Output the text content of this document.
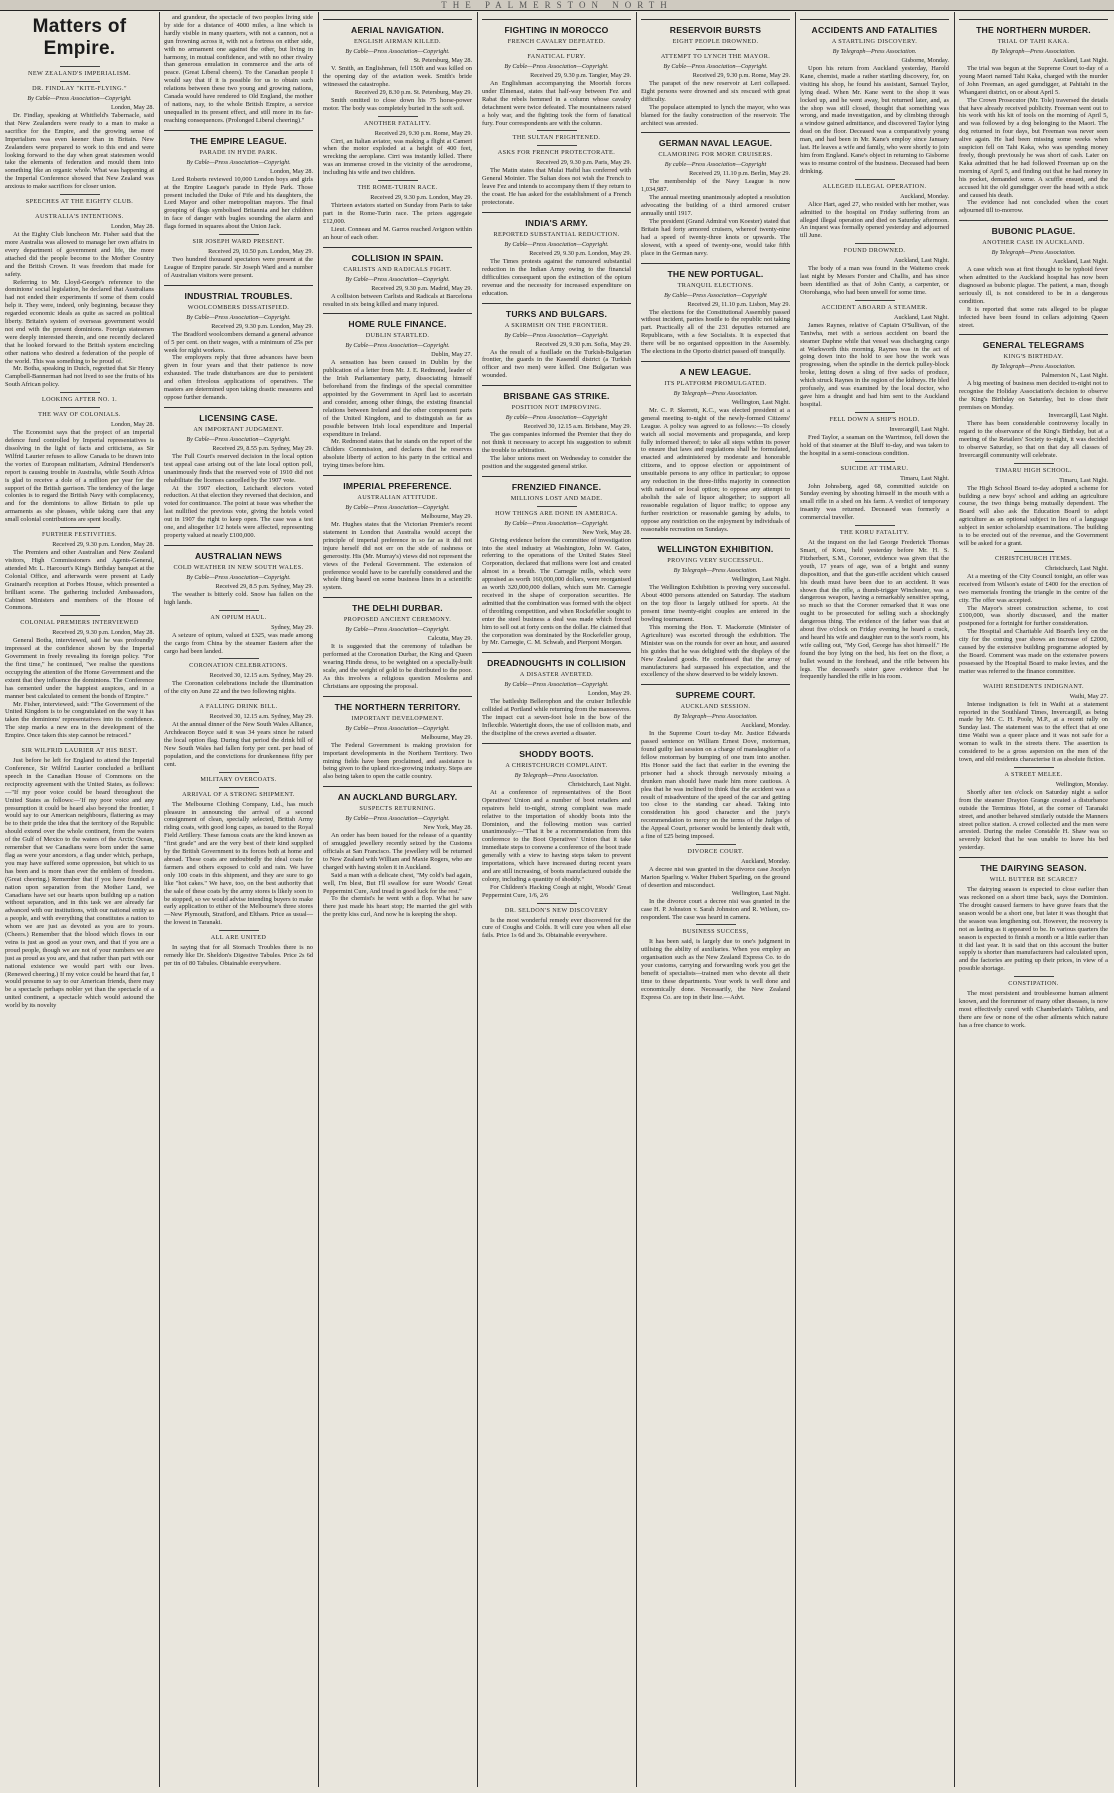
THE PALMERSTON NORTH
Matters of Empire.
NEW ZEALAND'S IMPERIALISM.
DR. FINDLAY "KITE-FLYING."
By Cable—Press Association—Copyright.
London, May 28.

Dr. Findlay, speaking at Whitfield's Tabernacle, said that New Zealanders were ready to a man to make a sacrifice for the Empire, and the growing sense of Imperialism was even keener than in Britain. New Zealanders were prepared to work to this end and were looking forward to the day when great statesmen would take the elements of federation and mould them into something like an organic whole. What was happening at the Imperial Conference showed that New Zealand was anxious to make sacrifices for closer union.

SPEECHES AT THE EIGHTY CLUB.
AUSTRALIA'S INTENTIONS.
London, May 28.

At the Eighty Club luncheon Mr. Fisher said that the more Australia was allowed to manage her own affairs in every department of government and life, the more attached did the people become to the Mother Country and the British Crown. It was freedom that made for safety.

Referring to Mr. Lloyd-George's reference to the dominions' social legislation, he declared that Australians had not ended their experiments if some of them could help it. They were, indeed, only beginning, because they regarded economic ideals as quite as sacred as political liberty. Britain's system of overseas government would not end with the present dominions. Foreign statesmen were deeply interested therein, and one recently declared that he looked forward to the British system encircling other nations who desired a federation of the people of the world. This was something to be proud of.

Mr. Botha, speaking in Dutch, regretted that Sir Henry Campbell-Bannerman had not lived to see the fruits of his South African policy.

LOOKING AFTER NO. 1.
THE WAY OF COLONIALS.
London, May 28.

The Economist says that the project of an imperial defence fund controlled by Imperial representatives is dissolving in the light of facts and criticisms, as Sir Wilfrid Laurier refuses to allow Canada to be drawn into the vortex of European militarism, Admiral Henderson's report is causing trouble in Australia, while South Africa is glad to receive a dole of a million per year for the support of the British garrison. The tendency of the large colonies is to regard the British Navy with complacency, and for the dominions to allow Britain to pile up armaments as she pleases, while taking care that any small colonial contributions are spent locally.

FURTHER FESTIVITIES.
Received 29, 9.30 p.m. London, May 28.

The Premiers and other Australian and New Zealand visitors, High Commissioners and Agents-General, attended Mr. L. Harcourt's King's Birthday banquet at the Colonial Office, and afterwards were present at Lady Grainard's reception at Forbes House, which presented a brilliant scene. The gathering included Ambassadors, Cabinet Ministers and members of the House of Commons.

COLONIAL PREMIERS INTERVIEWED
Received 29, 9.30 p.m. London, May 28.

General Botha, interviewed, said he was profoundly impressed at the confidence shown by the Imperial Government in freely revealing its foreign policy. "For the first time," he continued, "we realise the questions occupying the attention of the Home Government and the extent that they influence the dominions. The Conference has cemented under the happiest auspices, and in a manner best calculated to cement the bonds of Empire."

Mr. Fisher, interviewed, said: "The Government of the United Kingdom is to be congratulated on the way it has taken the dominions' representatives into its confidence. The step marks a new era in the development of the Empire. Once taken this step cannot be retraced."

SIR WILFRID LAURIER AT HIS BEST.

Just before he left for England to attend the Imperial Conference, Sir Wilfrid Laurier concluded a brilliant speech in the Canadian House of Commons on the reciprocity agreement with the United States, as follows:—"If my poor voice could be heard throughout the United States as follows:—'If my poor voice and any presumption it could be heard also beyond the frontier, I would say to our American neighbours, flattering as may be to their pride the idea that the territory of the Republic should extend over the whole continent, from the waters of the Gulf of Mexico to the waters of the Arctic Ocean, remember that we Canadians were born under the same flag as were your ancestors, a flag under which, perhaps, you may have suffered some oppression, but which to us has been and is more than ever the emblem of freedom. (Great cheering.) Remember that if you have founded a nation upon separation from the Mother Land, we Canadians have set our hearts upon building up a nation without separation, and in this task we are already far advanced with our institutions, with our national entity as a people, and with everything that constitutes a nation to whom we are just as devoted as you are to yours. (Cheers.) Remember that the blood which flows in our veins is just as good as your own, and that if you are a proud people, though we are not of your numbers we are just as proud as you are, and that rather than part with our national existence we would part with our lives. (Renewed cheering.) If my voice could be heard that far, I would presume to say to our American friends, there may be a spectacle perhaps nobler yet than the spectacle of a united continent, a spectacle which would astound the world by its novelty

and grandeur, the spectacle of two peoples living side by side for a distance of 4000 miles, a line which is hardly visible in many quarters, with not a cannon, not a gun frowning across it, with not a fortress on either side, with no armament one against the other, but living in harmony, in mutual confidence, and with no other rivalry than generous emulation in commerce and the arts of peace. (Great Liberal cheers). To the Canadian people I would say that if it is possible for us to obtain such relations between these two young and growing nations, Canada would have rendered to Old England, the mother of nations, nay, to the whole British Empire, a service unequalled in its present effect, and still more in its far-reaching consequences. (Prolonged Liberal cheering)."

THE EMPIRE LEAGUE.
PARADE IN HYDE PARK.
By Cable—Press Association—Copyright.
London, May 28.

Lord Roberts reviewed 10,000 London boys and girls at the Empire League's parade in Hyde Park. Those present included the Duke of Fife and his daughters, the Lord Mayor and other metropolitan mayors. The final grouping of flags symbolised Britannia and her children in face of danger with bugles sounding the alarm and flags formed in squares about the Union Jack.

SIR JOSEPH WARD PRESENT.
Received 29, 10.50 p.m. London, May 29.

Two hundred thousand spectators were present at the League of Empire parade. Sir Joseph Ward and a number of Australian visitors were present.

INDUSTRIAL TROUBLES.
WOOLCOMBERS DISSATISFIED.
By Cable—Press Association—Copyright.
Received 29, 9.30 p.m. London, May 29.

The Bradford woolcombers demand a general advance of 5 per cent. on their wages, with a minimum of 25s per week for night workers.

The employers reply that three advances have been given in four years and that their patience is now exhausted. The trade disturbances are due to persistent and often frivolous applications of operatives. The masters are determined upon taking drastic measures and oppose further demands.

LICENSING CASE.
AN IMPORTANT JUDGMENT.
By Cable—Press Association—Copyright.
Received 29, 8.55 p.m. Sydney, May 29.

The Full Court's reserved decision in the local option test appeal case arising out of the late local option poll, unanimously finds that the reserved vote of 1910 did not rehabilitate the licenses cancelled by the 1907 vote.

At the 1907 election, Leichardt electors voted reduction. At that election they reversed that decision, and voted for continuance. The point at issue was whether the last nullified the previous vote, giving the hotels voted out in 1907 the right to keep open. The case was a test one, and altogether 1/2 hotels were affected, representing property valued at nearly £100,000.

AUSTRALIAN NEWS
COLD WEATHER IN NEW SOUTH WALES.
By Cable—Press Association—Copyright.
Received 29, 8.5 p.m. Sydney, May 29.

The weather is bitterly cold. Snow has fallen on the high lands.

AN OPIUM HAUL.
Sydney, May 29.

A seizure of opium, valued at £325, was made among the cargo from China by the steamer Eastern after the cargo had been landed.

CORONATION CELEBRATIONS.
Received 30, 12.15 a.m. Sydney, May 29.

The Coronation celebrations include the illumination of the city on June 22 and the two following nights.

A FALLING DRINK BILL.
Received 30, 12.15 a.m. Sydney, May 29.

At the annual dinner of the New South Wales Alliance, Archdeacon Boyce said it was 34 years since he raised the local option flag. During that period the drink bill of New South Wales had fallen forty per cent. per head of population, and the convictions for drunkenness fifty per cent.

MILITARY OVERCOATS.
ARRIVAL OF A STRONG SHIPMENT.

The Melbourne Clothing Company, Ltd., has much pleasure in announcing the arrival of a second consignment of clean, specially selected, British Army riding coats, with good long capes, as issued to the Royal Field Artillery. These famous coats are the kind known as "first grade" and are the very best of their kind supplied by the British Government to its forces both at home and abroad. These coats are undoubtedly the ideal coats for farmers and others exposed to cold and rain. We have only 100 coats in this shipment, and they are sure to go like "hot cakes." We have, too, on the best authority that the sale of these coats by the army stores is likely soon to be stopped, so we would advise intending buyers to make early application to either of the Melbourne's three stores—New Plymouth, Stratford, and Eltham. Price as usual—the lowest in Taranaki.

ALL ARE UNITED

In saying that for all Stomach Troubles there is no remedy like Dr. Sheldon's Digestive Tabules. Price 2s 6d per tin of 80 Tabules. Obtainable everywhere.

AERIAL NAVIGATION.
ENGLISH AIRMAN KILLED.
By Cable—Press Association—Copyright.
St. Petersburg, May 28.

V. Smith, an Englishman, fell 150ft and was killed on the opening day of the aviation week. Smith's bride witnessed the catastrophe.

Received 29, 8.30 p.m. St. Petersburg, May 29.

Smith omitted to close down his 75 horse-power motor. The body was completely buried in the soft soil.

ANOTHER FATALITY.
Received 29, 9.30 p.m. Rome, May 29.

Cirri, an Italian aviator, was making a flight at Cameri when the motor exploded at a height of 400 feet, wrecking the aeroplane. Cirri was instantly killed. There was an immense crowd in the vicinity of the aerodrome, including his wife and two children.

THE ROME-TURIN RACE.
Received 29, 9.30 p.m. London, May 29.

Thirteen aviators started on Sunday from Paris to take part in the Rome-Turin race. The prizes aggregate £12,000.

Lieut. Conneau and M. Garros reached Avignon within an hour of each other.

COLLISION IN SPAIN.
CARLISTS AND RADICALS FIGHT.
By Cable—Press Association—Copyright.
Received 29, 9.30 p.m. Madrid, May 29.

A collision between Carlists and Radicals at Barcelona resulted in six being killed and many injured.

HOME RULE FINANCE.
DUBLIN STARTLED.
By Cable—Press Association—Copyright.
Dublin, May 27.

A sensation has been caused in Dublin by the publication of a letter from Mr. J. E. Redmond, leader of the Irish Parliamentary party, dissociating himself beforehand from the findings of the special committee appointed by the Government in April last to ascertain and consider, among other things, the existing financial relations between Ireland and the other component parts of the United Kingdom, and to distinguish as far as possible between Irish local expenditure and Imperial expenditure in Ireland.

Mr. Redmond states that he stands on the report of the Childers Commission, and declares that he reserves absolute liberty of action to his party in the critical and trying times before him.

IMPERIAL PREFERENCE.
AUSTRALIAN ATTITUDE.
By Cable—Press Association—Copyright.
Melbourne, May 29.

Mr. Hughes states that the Victorian Premier's recent statement in London that Australia would accept the principle of imperial preference in so far as it did not injure herself did not err on the side of rashness or generosity. His (Mr. Murray's) views did not represent the views of the Federal Government. The extension of preference would have to be carefully considered and the whole thing based on some business lines in a scientific system.

THE DELHI DURBAR.
PROPOSED ANCIENT CEREMONY.
By Cable—Press Association—Copyright.
Calcutta, May 29.

It is suggested that the ceremony of tuladhan be performed at the Coronation Durbar, the King and Queen wearing Hindu dress, to be weighted on a specially-built scale, and the weight of gold to be distributed to the poor. As this involves a religious question Moslems and Christians are opposing the proposal.

THE NORTHERN TERRITORY.
IMPORTANT DEVELOPMENT.
By Cable—Press Association—Copyright.
Melbourne, May 29.

The Federal Government is making provision for important developments in the Northern Territory. Two mining fields have been proclaimed, and assistance is being given to the upland rice-growing industry. Steps are also being taken to open the cattle country.

AN AUCKLAND BURGLARY.
SUSPECTS RETURNING.
By Cable—Press Association—Copyright.
New York, May 28.

An order has been issued for the release of a quantity of smuggled jewellery recently seized by the Customs officials at San Francisco. The jewellery will be returned to New Zealand with William and Maxie Rogers, who are charged with having stolen it in Auckland.

Said a man with a delicate chest, "My cold's bad again, well, I'm blest, But I'll swallow for sure Woods' Great Peppermint Cure, And tread in good luck for the rest."

To the chemist's he went with a flop. What he saw there just made his heart stop; He married the girl with the pretty kiss curl, And now he is keeping the shop.

FIGHTING IN MOROCCO
FRENCH CAVALRY DEFEATED.
FANATICAL FURY.
By Cable—Press Association—Copyright.
Received 29, 9.30 p.m. Tangier, May 29.

An Englishman accompanying the Moorish forces under Elmenasi, states that half-way between Fez and Rabat the rebels hemmed in a column whose cavalry detachment were twice defeated. The mountaineers raised a holy war, and the fighting took the form of fanatical fury. Four correspondents are with the column.

THE SULTAN FRIGHTENED.
ASKS FOR FRENCH PROTECTORATE.
Received 29, 9.30 p.m. Paris, May 29.

The Matin states that Mulai Hafid has conferred with General Moinier. The Sultan does not wish the French to leave Fez and intends to accompany them if they return to the coast. He has asked for the establishment of a French protectorate.

INDIA'S ARMY.
REPORTED SUBSTANTIAL REDUCTION.
By Cable—Press Association—Copyright.
Received 29, 9.30 p.m. London, May 29.

The Times protests against the rumoured substantial reduction in the Indian Army owing to the financial difficulties consequent upon the extinction of the opium revenue and the necessity for increased expenditure on education.

TURKS AND BULGARS.
A SKIRMISH ON THE FRONTIER.
By Cable—Press Association—Copyright.
Received 29, 9.30 p.m. Sofia, May 29.

As the result of a fusillade on the Turkish-Bulgarian frontier, the guards in the Kasendil district (a Turkish officer and two men) were killed. One Bulgarian was wounded.

BRISBANE GAS STRIKE.
POSITION NOT IMPROVING.
By cable—Press Association—Copyright
Received 30, 12.15 a.m. Brisbane, May 29.

The gas companies informed the Premier that they do not think it necessary to accept his suggestion to submit the trouble to arbitration.

The labor unions meet on Wednesday to consider the position and the suggested general strike.

FRENZIED FINANCE.
MILLIONS LOST AND MADE.
HOW THINGS ARE DONE IN AMERICA.
By Cable—Press Association—Copyright.
New York, May 28.

Giving evidence before the committee of investigation into the steel industry at Washington, John W. Gates, referring to the operations of the United States Steel Corporation, declared that millions were lost and created almost in a breath. The Carnegie mills, which were appraised as worth 160,000,000 dollars, were reorganised as worth 320,000,000 dollars, which sum Mr. Carnegie received in the shape of corporation securities. He admitted that the combination was formed with the object of throttling competition, and when Rockefeller sought to enter the steel business a deal was made which forced him to sell out at forty cents on the dollar. He claimed that the corporation was dominated by the Rockefeller group, by Mr. Carnegie, C. M. Schwab, and Pierpont Morgan.

DREADNOUGHTS IN COLLISION
A DISASTER AVERTED.
By Cable—Press Association—Copyright.
London, May 29.

The battleship Bellerophon and the cruiser Inflexible collided at Portland while returning from the manoeuvres. The impact cut a seven-foot hole in the bow of the Inflexible. Watertight doors, the use of collision mats, and the discipline of the crews averted a disaster.

SHODDY BOOTS.
A CHRISTCHURCH COMPLAINT.
By Telegraph—Press Association.
Christchurch, Last Night.

At a conference of representatives of the Boot Operatives' Union and a number of boot retailers and repairers held to-night, strong complaint was made relative to the importation of shoddy boots into the Dominion, and the following motion was carried unanimously:—"That it be a recommendation from this conference to the Boot Operatives' Union that it take immediate steps to convene a conference of the boot trade generally with a view to having steps taken to prevent importations, which have increased during recent years and are still increasing, of boots manufactured outside the colony, including a quantity of shoddy."

For Children's Hacking Cough at night, Woods' Great Peppermint Cure, 1/6, 2/6

DR. SELDON'S NEW DISCOVERY

Is the most wonderful remedy ever discovered for the cure of Coughs and Colds. It will cure you when all else fails. Price 1s 6d and 3s. Obtainable everywhere.

RESERVOIR BURSTS
EIGHT PEOPLE DROWNED.
ATTEMPT TO LYNCH THE MAYOR.
By Cable—Press Association—Copyright.
Received 29, 9.30 p.m. Rome, May 29.

The parapet of the new reservoir at Leri collapsed. Eight persons were drowned and six rescued with great difficulty.

The populace attempted to lynch the mayor, who was blamed for the faulty construction of the reservoir. The architect was arrested.

GERMAN NAVAL LEAGUE.
CLAMORING FOR MORE CRUISERS.
By cable—Press Association—Copyright
Received 29, 11.10 p.m. Berlin, May 29.

The membership of the Navy League is now 1,034,987.

The annual meeting unanimously adopted a resolution advocating the building of a third armored cruiser annually until 1917.

The president (Grand Admiral von Koester) stated that Britain had forty armored cruisers, whereof twenty-nine had a speed of twenty-three knots or upwards. The slowest, with a speed of twenty-one, would take fifth place in the German navy.

THE NEW PORTUGAL.
TRANQUIL ELECTIONS.
By Cable—Press Association—Copyright
Received 29, 11.10 p.m. Lisbon, May 29.

The elections for the Constitutional Assembly passed without incident, parties hostile to the republic not taking part. Practically all of the 231 deputies returned are Republicans, with a few Socialists. It is expected that there will be no organised opposition in the Assembly. The elections in the Oporto district passed off tranquilly.

A NEW LEAGUE.
ITS PLATFORM PROMULGATED.
By Telegraph—Press Association.
Wellington, Last Night.

Mr. C. P. Skerrett, K.C., was elected president at a general meeting to-night of the newly-formed Citizens' League. A policy was agreed to as follows:—To closely watch all social movements and propaganda, and keep fully informed thereof; to take all steps within its power to ensure that laws and regulations shall be formulated, enacted and administered by moderate and honorable citizens, and to oppose election or appointment of unsuitable persons to any office in particular; to oppose any reduction in the three-fifths majority in connection with national or local option; to oppose any attempt to abolish the sale of liquor altogether; to support all reasonable regulation of liquor traffic; to oppose any further restriction or reasonable gaming by adults, to oppose any restriction on the enjoyment by individuals of reasonable recreation on Sundays.

WELLINGTON EXHIBITION.
PROVING VERY SUCCESSFUL.
By Telegraph—Press Association.
Wellington, Last Night.

The Wellington Exhibition is proving very successful. About 4000 persons attended on Saturday. The stadium on the top floor is largely utilised for sports. At the present time twenty-eight couples are entered in the bowling tournament.

This morning the Hon. T. Mackenzie (Minister of Agriculture) was escorted through the exhibition. The Minister was on the rounds for over an hour, and assured his guides that he was delighted with the displays of the New Zealand goods. He confessed that the array of manufacturers had surpassed his expectation, and the excellency of the show deserved to be widely known.

SUPREME COURT.
AUCKLAND SESSION.
By Telegraph—Press Association.
Auckland, Monday.

In the Supreme Court to-day Mr. Justice Edwards passed sentence on William Ernest Dove, motorman, found guilty last session on a charge of manslaughter of a fellow motorman by bumping of one tram into another. His Honor said the fact that earlier in the evening the prisoner had a shock through nervously missing a drunken man should have made him more cautious. A plea that he was inclined to think that the accident was a result of misadventure of the speed of the car and getting too close to the standing car ahead. Taking into consideration his good character and the jury's recommendation to mercy on the terms of the Judges of the Appeal Court, prisoner would be leniently dealt with, a fine of £25 being imposed.

DIVORCE COURT.
Auckland, Monday.

A decree nisi was granted in the divorce case Jocelyn Marion Sparling v. Walter Hubert Sparling, on the ground of desertion and misconduct.

Wellington, Last Night.

In the divorce court a decree nisi was granted in the case H. P. Johnston v. Sarah Johnston and R. Wilson, co-respondent. The case was heard in camera.

BUSINESS SUCCESS,

It has been said, is largely due to one's judgment in utilising the ability of auxiliaries. When you employ an organisation such as the New Zealand Express Co. to do your customs, carrying and forwarding work you get the benefit of specialists—trained men who devote all their time to these departments. Your work is well done and economically done. Necessarily, the New Zealand Express Co. are top in their line.—Advt.

ACCIDENTS AND FATALITIES
A STARTLING DISCOVERY.
By Telegraph—Press Association.
Gisborne, Monday.

Upon his return from Auckland yesterday, Harold Kane, chemist, made a rather startling discovery, for, on visiting his shop, he found his assistant, Samuel Taylor, lying dead. When Mr. Kane went to the shop it was locked up, and he went away, but returned later, and, as the shop was still closed, thought that something was wrong, and made investigation, and by climbing through a window gained admittance, and discovered Taylor lying dead on the floor. Deceased was a comparatively young man, and had been in Mr. Kane's employ since January last. He leaves a wife and family, who were shortly to join him from England. Kane's object in returning to Gisborne was to resume control of the business. Deceased had been drinking.

ALLEGED ILLEGAL OPERATION.
Auckland, Monday.

Alice Hart, aged 27, who resided with her mother, was admitted to the hospital on Friday suffering from an alleged illegal operation and died on Saturday afternoon. An inquest was formally opened yesterday and adjourned till June.

FOUND DROWNED.
Auckland, Last Night.

The body of a man was found in the Waitemo creek last night by Messrs Forster and Challis, and has since been identified as that of John Canty, a carpenter, or Otorohanga, who had been unwell for some time.

ACCIDENT ABOARD A STEAMER.
Auckland, Last Night.

James Raynes, relative of Captain O'Sullivan, of the Taniwha, met with a serious accident on board the steamer Daphne while that vessel was discharging cargo at Warkworth this morning. Raynes was in the act of going down into the hold to see how the work was progressing, when the spindle in the derrick pulley-block broke, letting down a sling of five sacks of produce, which struck Raynes in the region of the kidneys. He bled profusely, and was examined by the local doctor, who gave him a draught and had him sent to the Auckland hospital.

FELL DOWN A SHIP'S HOLD.
Invercargill, Last Night.

Fred Taylor, a seaman on the Warrimoo, fell down the hold of that steamer at the Bluff to-day, and was taken to the hospital in a semi-conscious condition.

SUICIDE AT TIMARU.
Timaru, Last Night.

John Johnsberg, aged 68, committed suicide on Sunday evening by shooting himself in the mouth with a small rifle in a shed on his farm. A verdict of temporary insanity was returned. Deceased was formerly a commercial traveller.

THE KORU FATALITY.

At the inquest on the lad George Frederick Thomas Smart, of Koru, held yesterday before Mr. H. S. Fitzherbert, S.M., Coroner, evidence was given that the youth, 17 years of age, was of a bright and sunny disposition, and that the gun-rifle accident which caused his death must have been due to an accident. It was shown that the rifle, a thumb-trigger Winchester, was a dangerous weapon, having a remarkably sensitive spring, so much so that the Coroner remarked that it was one ought to be prosecuted for selling such a shockingly dangerous thing. The evidence of the father was that at about five o'clock on Friday evening he heard a crack, and heard his wife and daughter run to the son's room, his wife calling out, "My God, George has shot himself." He found the boy lying on the bed, his feet on the floor, a bullet wound in the forehead, and the rifle between his legs. The deceased's sister gave evidence that he frequently handled the rifle in his room.

THE NORTHERN MURDER.
TRIAL OF TAHI KAKA.
By Telegraph—Press Association.
Auckland, Last Night.

The trial was begun at the Supreme Court to-day of a young Maori named Tahi Kaka, charged with the murder of John Freeman, an aged gumdigger, at Pahitahi in the Whangarei district, on or about April 5.

The Crown Prosecutor (Mr. Tole) traversed the details that have already received publicity. Freeman went out to his work with his kit of tools on the morning of April 5, and was followed by a dog belonging to the Maori. The dog returned in four days, but Freeman was never seen alive again. He had been missing some weeks when suspicion fell on Tahi Kaka, who was spending money freely, though previously he was short of cash. Later on Kaka admitted that he had followed Freeman up on the morning of April 5, and finding out that he had money in his pocket, demanded some. A scuffle ensued, and the accused hit the old gumdigger over the head with a stick and caused his death.

The evidence had not concluded when the court adjourned till to-morrow.

BUBONIC PLAGUE.
ANOTHER CASE IN AUCKLAND.
By Telegraph—Press Association.
Auckland, Last Night.

A case which was at first thought to be typhoid fever when admitted to the Auckland hospital has now been diagnosed as bubonic plague. The patient, a man, though seriously ill, is not considered to be in a dangerous condition.

It is reported that some rats alleged to be plague infected have been found in cellars adjoining Queen street.

GENERAL TELEGRAMS
KING'S BIRTHDAY.
By Telegraph—Press Association.
Palmerston N., Last Night.

A big meeting of business men decided to-night not to recognise the Holiday Association's decision to observe the King's Birthday on Saturday, but to close their premises on Monday.

Invercargill, Last Night.

There has been considerable controversy locally in regard to the observance of the King's Birthday, but at a meeting of the Retailers' Society to-night, it was decided to observe Saturday, so that on that day all classes of Invercargill community will celebrate.

TIMARU HIGH SCHOOL.
Timaru, Last Night.

The High School Board to-day adopted a scheme for building a new boys' school and adding an agriculture course, the two things being mutually dependent. The Board will also ask the Education Board to adopt agriculture as an optional subject in lieu of a language subject in senior scholarship examinations. The building is to be erected out of the revenue, and the Government will be asked for a grant.

CHRISTCHURCH ITEMS.
Christchurch, Last Night.

At a meeting of the City Council tonight, an offer was received from Wilson's estate of £400 for the erection of two memorials fronting the triangle in the centre of the city. The offer was accepted.

The Mayor's street construction scheme, to cost £100,000, was shortly discussed, and the matter postponed for a fortnight for further consideration.

The Hospital and Charitable Aid Board's levy on the city for the coming year shows an increase of £2000, caused by the extensive building programme adopted by the Board. Comment was made on the extensive powers possessed by the Hospital Board to make levies, and the matter was referred to the finance committee.

WAIHI RESIDENTS INDIGNANT.
Waihi, May 27.

Intense indignation is felt in Waihi at a statement reported in the Southland Times, Invercargill, as being made by Mr. C. H. Poole, M.P., at a recent rally on Sunday last. The statement was to the effect that at one time Waihi was a queer place and it was not safe for a woman to walk in the streets there. The assertion is considered to be a gross aspersion on the men of the town, and old residents characterise it as absolute fiction.

A STREET MELEE.
Wellington, Monday.

Shortly after ten o'clock on Saturday night a sailor from the steamer Drayton Grange created a disturbance outside the Terminus Hotel, at the corner of Taranaki street, and another behaved similarly outside the Manners street police station. A crowd collected and the men were arrested. During the melee Constable H. Shaw was so severely kicked that he was unable to leave his bed yesterday.

THE DAIRYING SEASON.
WILL BUTTER BE SCARCE?

The dairying season is expected to close earlier than was reckoned on a short time back, says the Dominion. The drought caused farmers to have grave fears that the season would be a short one, but later it was thought that the season was lengthening out. However, the recovery is not as lasting as it appeared to be. In various quarters the season is expected to finish a month or a little earlier than it did last year. It is said that on this account the butter supply is shorter than manufacturers had calculated upon, and the factories are putting up their prices, in view of a possible shortage.

CONSTIPATION.

The most persistent and troublesome human ailment known, and the forerunner of many other diseases, is now most effectively cured with Chamberlain's Tablets, and there are few or none of the other ailments which nature has a free chance to work.
